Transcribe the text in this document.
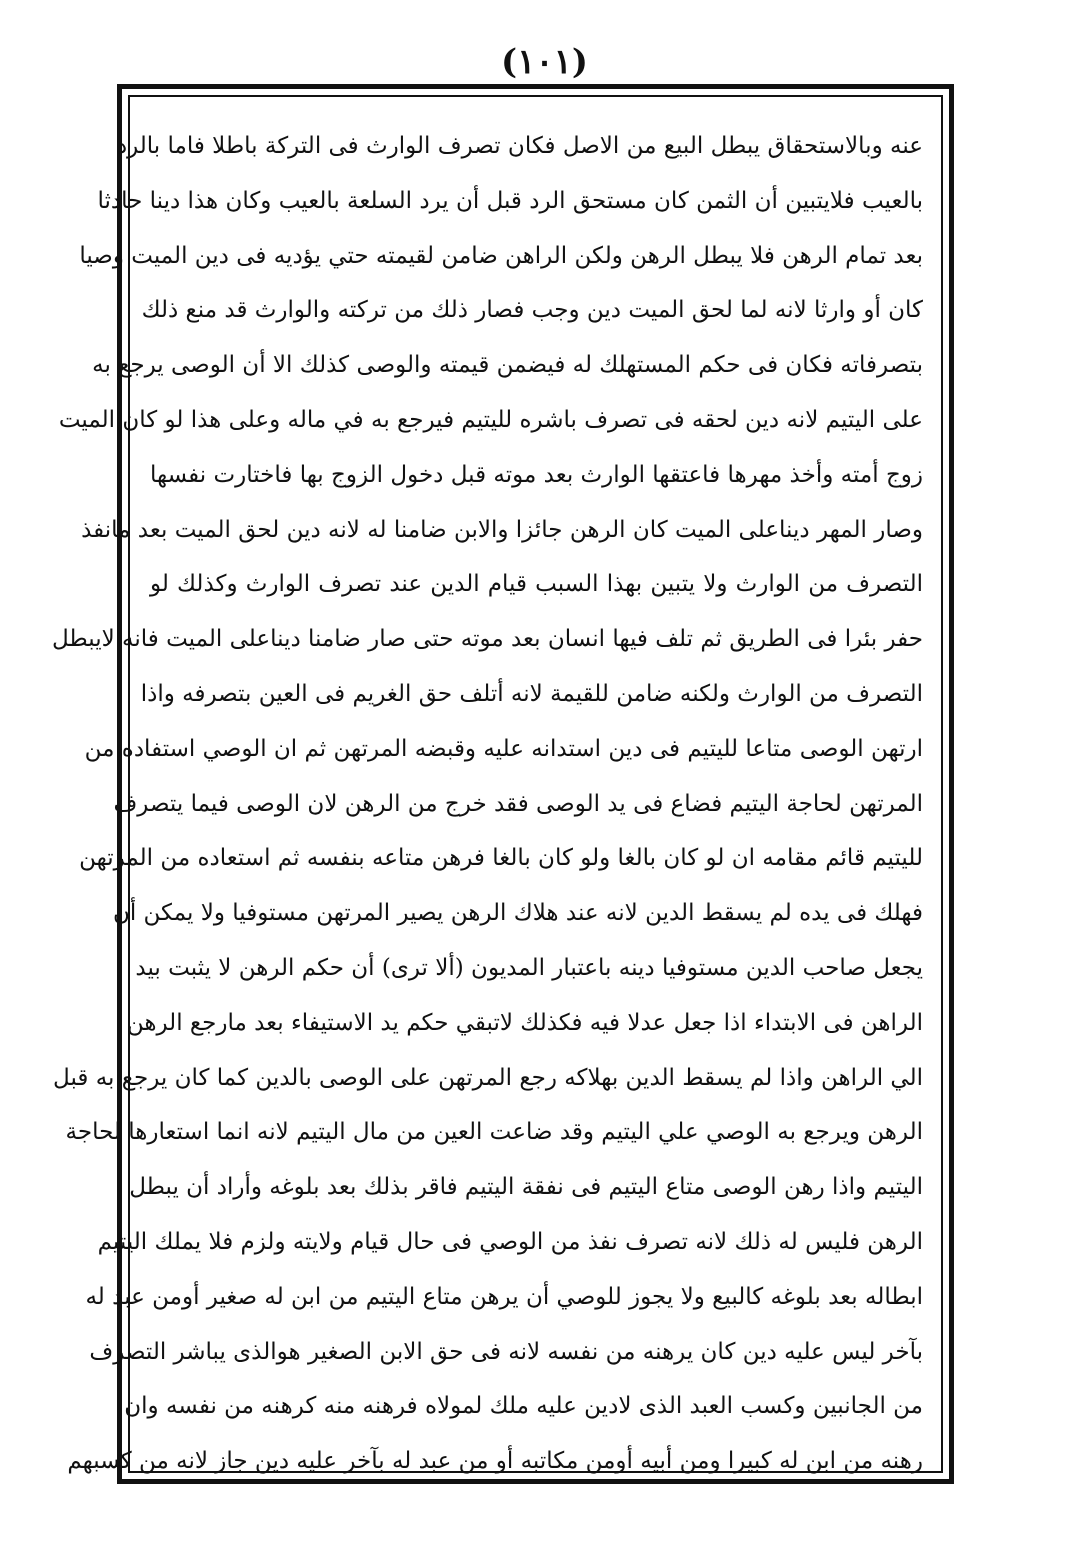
(١٠١)
عنه وبالاستحقاق يبطل البيع من الاصل فكان تصرف الوارث فى التركة باطلا فاما بالرد
بالعيب فلايتبين أن الثمن كان مستحق الرد قبل أن يرد السلعة بالعيب وكان هذا دينا حادثا
بعد تمام الرهن فلا يبطل الرهن ولكن الراهن ضامن لقيمته حتي يؤديه فى دين الميت وصيا
كان أو وارثا لانه لما لحق الميت دين وجب فصار ذلك من تركته والوارث قد منع ذلك
بتصرفاته فكان فى حكم المستهلك له فيضمن قيمته والوصى كذلك الا أن الوصى يرجع به
على اليتيم لانه دين لحقه فى تصرف باشره لليتيم فيرجع به في ماله وعلى هذا لو كان الميت
زوج أمته وأخذ مهرها فاعتقها الوارث بعد موته قبل دخول الزوج بها فاختارت نفسها
وصار المهر ديناعلى الميت كان الرهن جائزا والابن ضامنا له لانه دين لحق الميت بعد مانفذ
التصرف من الوارث ولا يتبين بهذا السبب قيام الدين عند تصرف الوارث وكذلك لو
حفر بئرا فى الطريق ثم تلف فيها انسان بعد موته حتى صار ضامنا ديناعلى الميت فانه لايبطل
التصرف من الوارث ولكنه ضامن للقيمة لانه أتلف حق الغريم فى العين بتصرفه واذا
ارتهن الوصى متاعا لليتيم فى دين استدانه عليه وقبضه المرتهن ثم ان الوصي استفاده من
المرتهن لحاجة اليتيم فضاع فى يد الوصى فقد خرج من الرهن لان الوصى فيما يتصرف
لليتيم قائم مقامه ان لو كان بالغا ولو كان بالغا فرهن متاعه بنفسه ثم استعاده من المرتهن
فهلك فى يده لم يسقط الدين لانه عند هلاك الرهن يصير المرتهن مستوفيا ولا يمكن أن
يجعل صاحب الدين مستوفيا دينه باعتبار المديون (ألا ترى) أن حكم الرهن لا يثبت بيد
الراهن فى الابتداء اذا جعل عدلا فيه فكذلك لاتبقي حكم يد الاستيفاء بعد مارجع الرهن
الي الراهن واذا لم يسقط الدين بهلاكه رجع المرتهن على الوصى بالدين كما كان يرجع به قبل
الرهن ويرجع به الوصي علي اليتيم وقد ضاعت العين من مال اليتيم لانه انما استعارها لحاجة
اليتيم واذا رهن الوصى متاع اليتيم فى نفقة اليتيم فاقر بذلك بعد بلوغه وأراد أن يبطل
الرهن فليس له ذلك لانه تصرف نفذ من الوصي فى حال قيام ولايته ولزم فلا يملك اليتيم
ابطاله بعد بلوغه كالبيع ولا يجوز للوصي أن يرهن متاع اليتيم من ابن له صغير أومن عبد له
بآخر ليس عليه دين كان يرهنه من نفسه لانه فى حق الابن الصغير هوالذى يباشر التصرف
من الجانبين وكسب العبد الذى لادين عليه ملك لمولاه فرهنه منه كرهنه من نفسه وان
رهنه من ابن له كبيرا ومن أبيه أومن مكاتبه أو من عبد له بآخر عليه دين جاز لانه من كسبهم
